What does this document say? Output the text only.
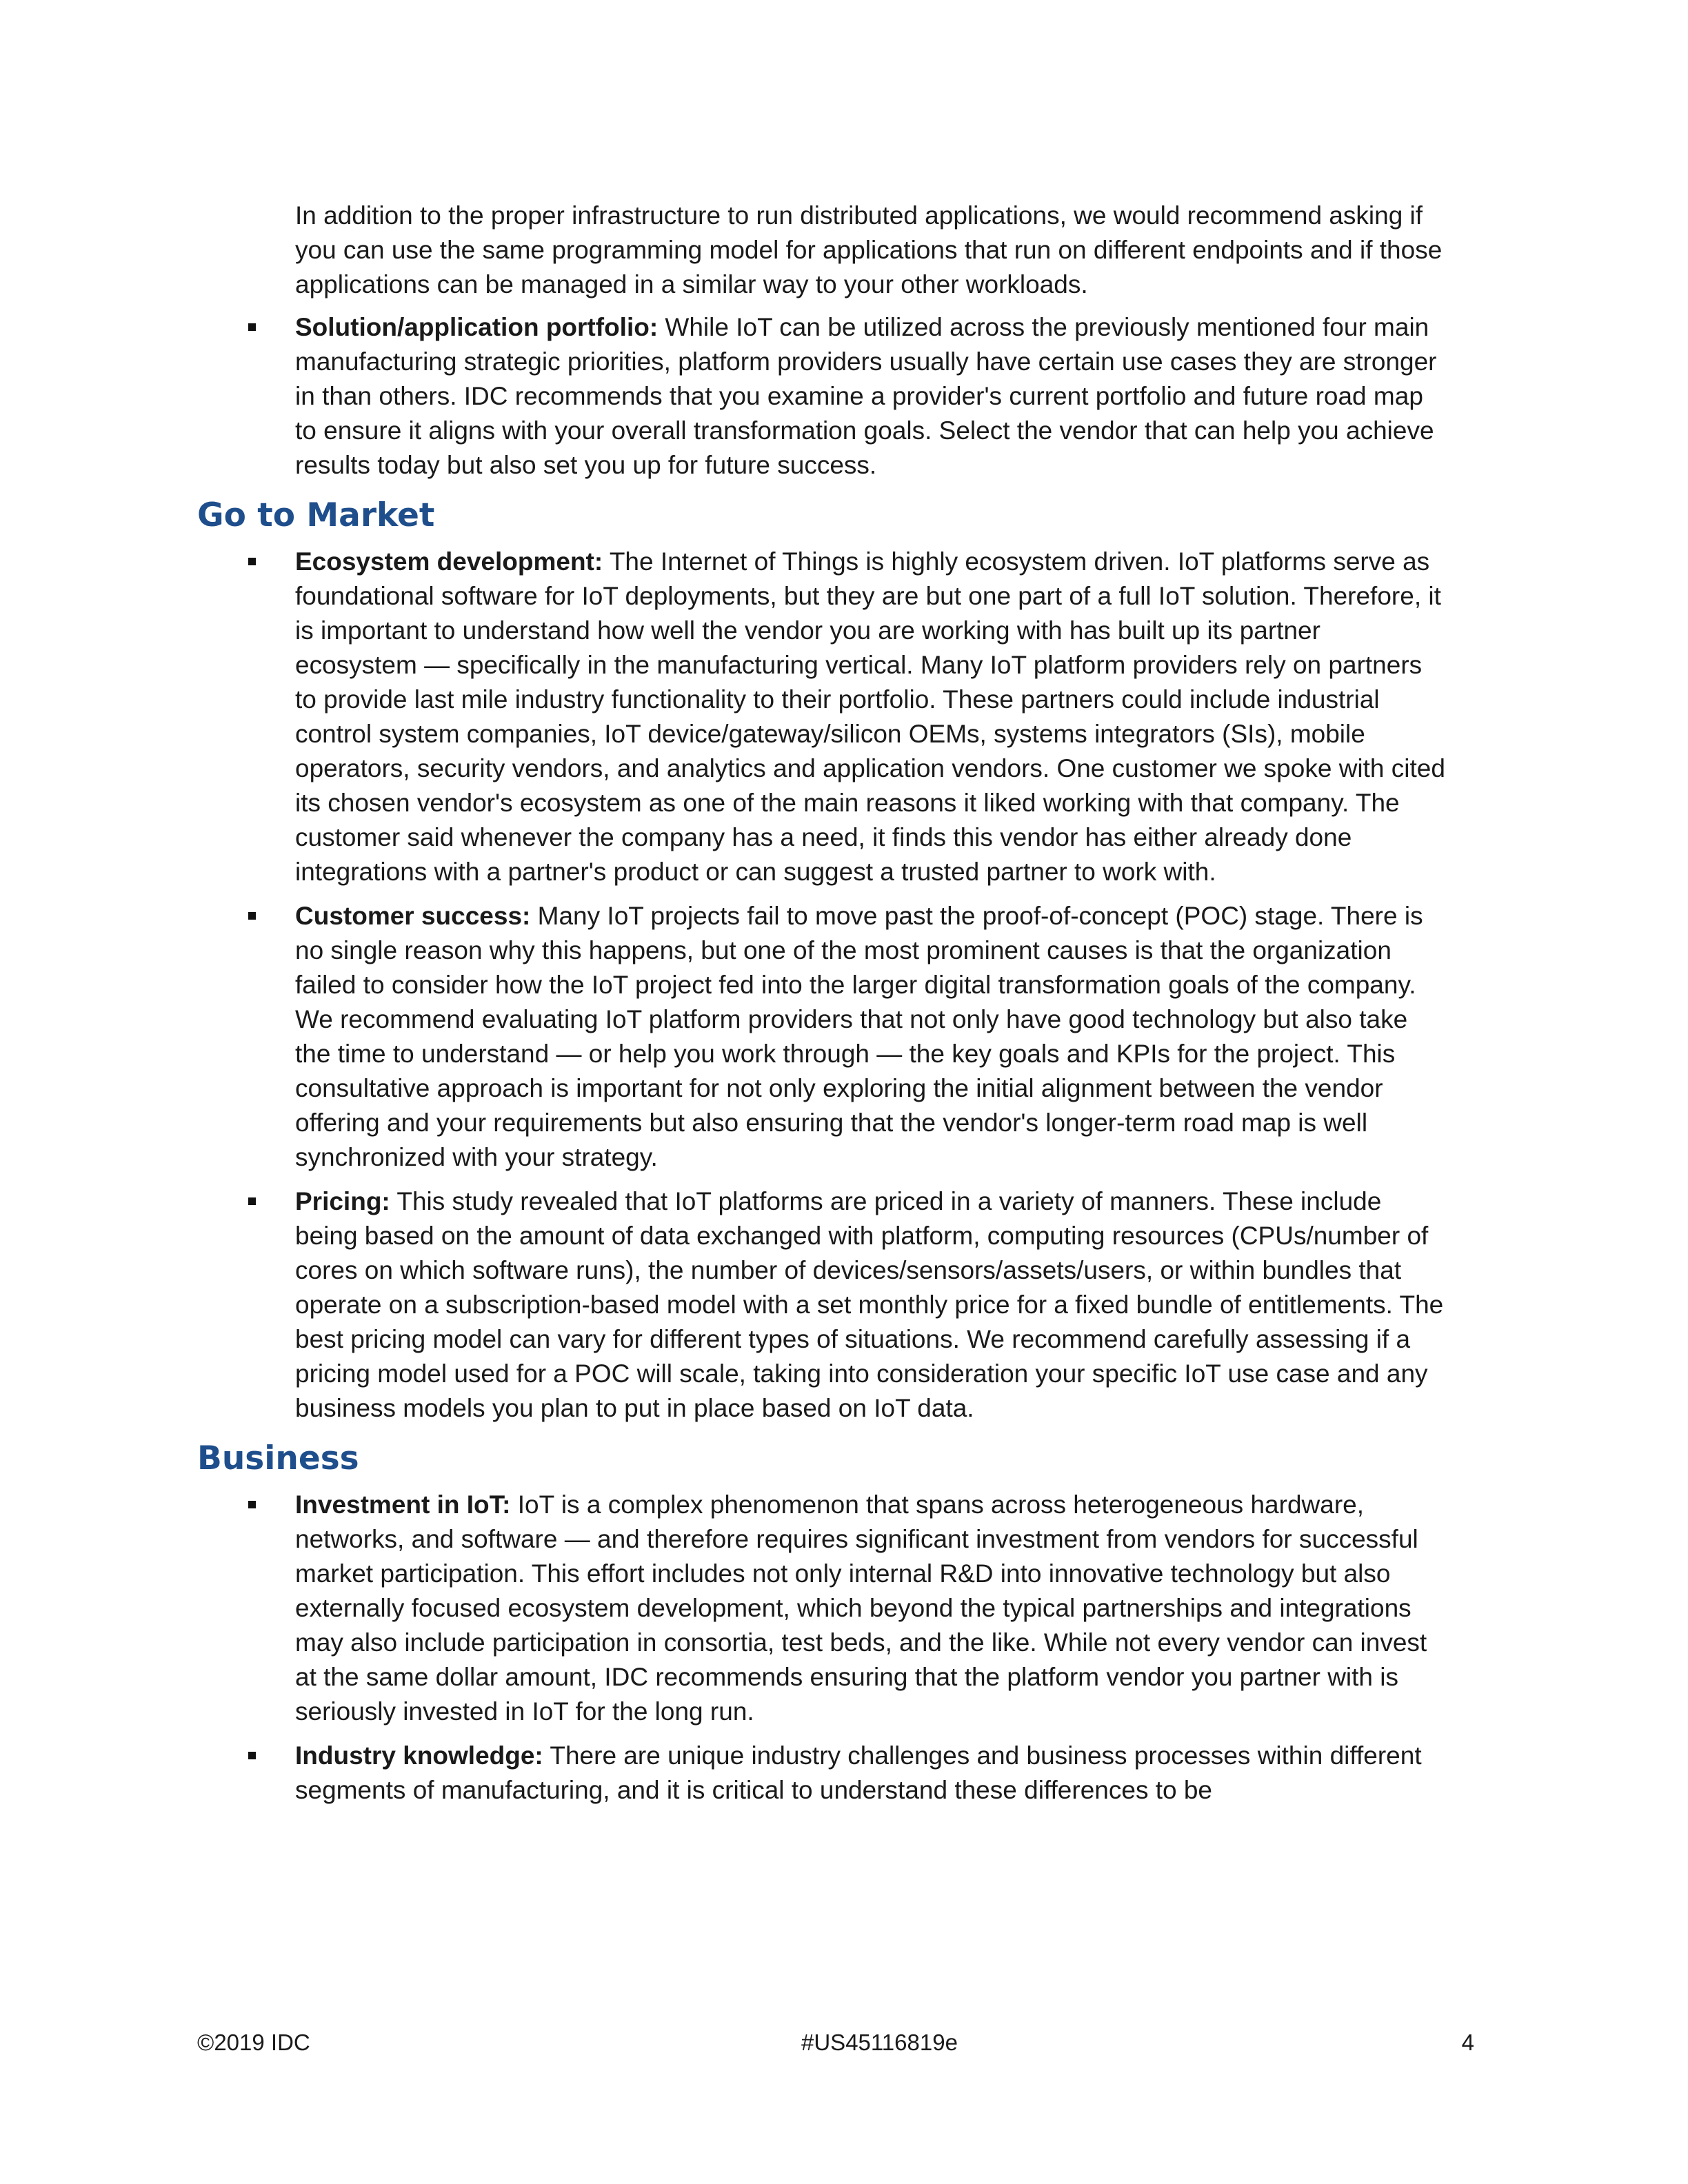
In addition to the proper infrastructure to run distributed applications, we would recommend asking if you can use the same programming model for applications that run on different endpoints and if those applications can be managed in a similar way to your other workloads.

Solution/application portfolio: While IoT can be utilized across the previously mentioned four main manufacturing strategic priorities, platform providers usually have certain use cases they are stronger in than others. IDC recommends that you examine a provider's current portfolio and future road map to ensure it aligns with your overall transformation goals. Select the vendor that can help you achieve results today but also set you up for future success.
Go to Market
Ecosystem development: The Internet of Things is highly ecosystem driven. IoT platforms serve as foundational software for IoT deployments, but they are but one part of a full IoT solution. Therefore, it is important to understand how well the vendor you are working with has built up its partner ecosystem — specifically in the manufacturing vertical. Many IoT platform providers rely on partners to provide last mile industry functionality to their portfolio. These partners could include industrial control system companies, IoT device/gateway/silicon OEMs, systems integrators (SIs), mobile operators, security vendors, and analytics and application vendors. One customer we spoke with cited its chosen vendor's ecosystem as one of the main reasons it liked working with that company. The customer said whenever the company has a need, it finds this vendor has either already done integrations with a partner's product or can suggest a trusted partner to work with.
Customer success: Many IoT projects fail to move past the proof-of-concept (POC) stage. There is no single reason why this happens, but one of the most prominent causes is that the organization failed to consider how the IoT project fed into the larger digital transformation goals of the company. We recommend evaluating IoT platform providers that not only have good technology but also take the time to understand — or help you work through — the key goals and KPIs for the project. This consultative approach is important for not only exploring the initial alignment between the vendor offering and your requirements but also ensuring that the vendor's longer-term road map is well synchronized with your strategy.
Pricing: This study revealed that IoT platforms are priced in a variety of manners. These include being based on the amount of data exchanged with platform, computing resources (CPUs/number of cores on which software runs), the number of devices/sensors/assets/users, or within bundles that operate on a subscription-based model with a set monthly price for a fixed bundle of entitlements. The best pricing model can vary for different types of situations. We recommend carefully assessing if a pricing model used for a POC will scale, taking into consideration your specific IoT use case and any business models you plan to put in place based on IoT data.
Business
Investment in IoT: IoT is a complex phenomenon that spans across heterogeneous hardware, networks, and software — and therefore requires significant investment from vendors for successful market participation. This effort includes not only internal R&D into innovative technology but also externally focused ecosystem development, which beyond the typical partnerships and integrations may also include participation in consortia, test beds, and the like. While not every vendor can invest at the same dollar amount, IDC recommends ensuring that the platform vendor you partner with is seriously invested in IoT for the long run.
Industry knowledge: There are unique industry challenges and business processes within different segments of manufacturing, and it is critical to understand these differences to be
©2019 IDC	#US45116819e	4
